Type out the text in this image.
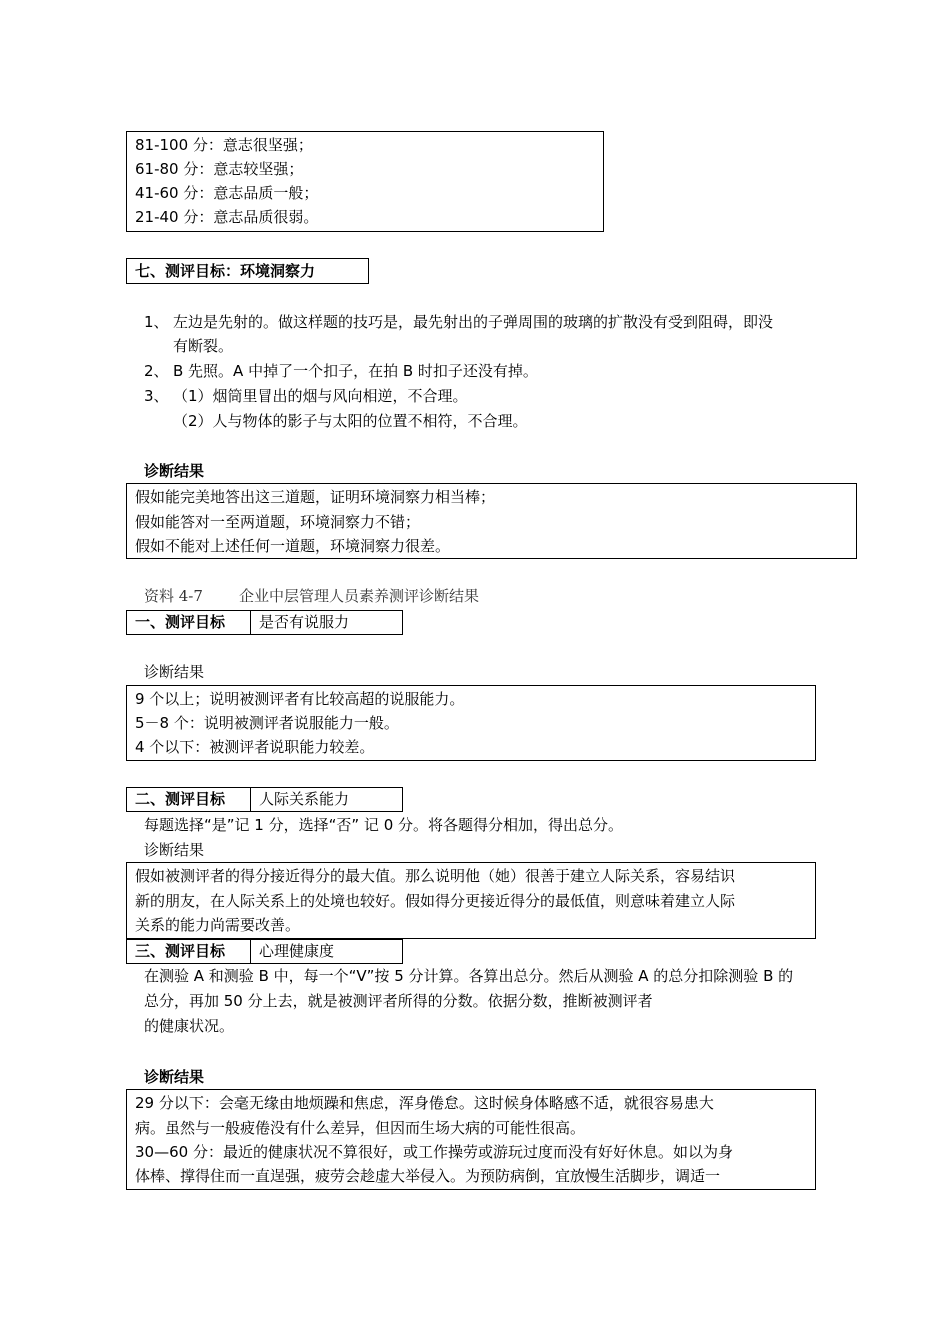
81-100 分：意志很坚强；
61-80 分：意志较坚强；
41-60 分：意志品质一般；
21-40 分：意志品质很弱。
七、测评目标：环境洞察力
1、 左边是先射的。做这样题的技巧是，最先射出的子弹周围的玻璃的扩散没有受到阻碍，即没
有断裂。
2、 B 先照。A 中掉了一个扣子，在拍 B 时扣子还没有掉。
3、 （1）烟筒里冒出的烟与风向相逆，不合理。
（2）人与物体的影子与太阳的位置不相符，不合理。
诊断结果
假如能完美地答出这三道题，证明环境洞察力相当棒；
假如能答对一至两道题，环境洞察力不错；
假如不能对上述任何一道题，环境洞察力很差。
资料 4-7 企业中层管理人员素养测评诊断结果
一、测评目标	是否有说服力
诊断结果
9 个以上；说明被测评者有比较高超的说服能力。
5－8 个：说明被测评者说服能力一般。
4 个以下：被测评者说职能力较差。
二、测评目标	人际关系能力
每题选择“是”记 1 分，选择“否” 记 0 分。将各题得分相加，得出总分。
诊断结果
假如被测评者的得分接近得分的最大值。那么说明他（她）很善于建立人际关系，容易结识
新的朋友，在人际关系上的处境也较好。假如得分更接近得分的最低值，则意味着建立人际
关系的能力尚需要改善。
三、测评目标	心理健康度
在测验 A 和测验 B 中，每一个“V”按 5 分计算。各算出总分。然后从测验 A 的总分扣除测验 B 的
总分，再加 50 分上去，就是被测评者所得的分数。依据分数，推断被测评者
的健康状况。
诊断结果
29 分以下：会毫无缘由地烦躁和焦虑，浑身倦怠。这时候身体略感不适，就很容易患大
病。虽然与一般疲倦没有什么差异，但因而生场大病的可能性很高。
30—60 分：最近的健康状况不算很好，或工作操劳或游玩过度而没有好好休息。如以为身
体棒、撑得住而一直逞强，疲劳会趁虚大举侵入。为预防病倒，宜放慢生活脚步，调适一
